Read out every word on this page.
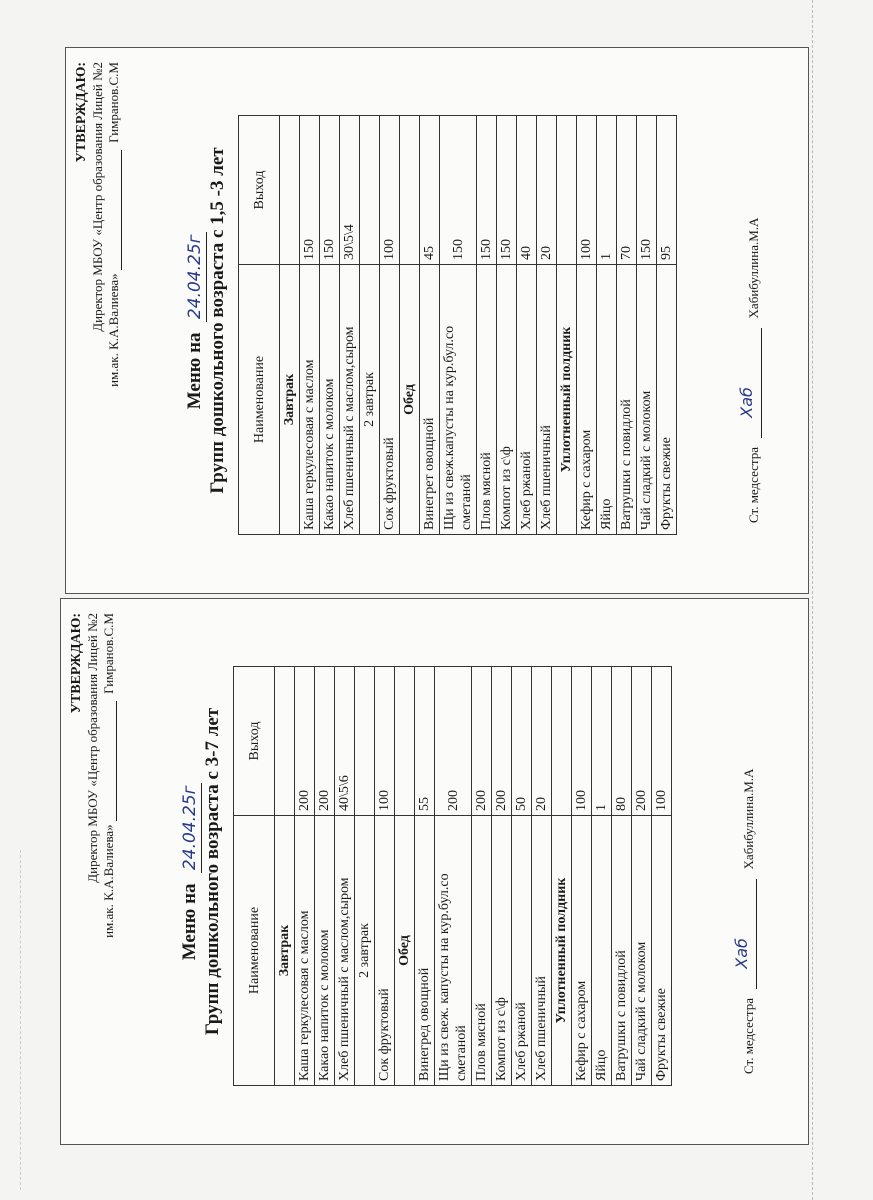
УТВЕРЖДАЮ: Директор МБОУ «Центр образования Лицей №2 им.ак. К.А.Валиева»  Гимранов.С.М
Меню на 24.04.25г Групп дошкольного возраста с 1,5 -3 лет Наименование	Выход
Завтрак	
Каша геркулесовая с маслом	150
Какао напиток с молоком	150
Хлеб пшеничный с маслом,сыром	30\5\4
2 завтрак	
Сок фруктовый	100
Обед	
Винегрет овощной	45
Щи из свеж.капусты на кур.бул.со сметаной	150
Плов мясной	150
Компот из с\ф	150
Хлеб ржаной	40
Хлеб пшеничный	20
Уплотненный полдник	
Кефир с сахаром	100
Яйцо	1
Ватрушки с повидлой	70
Чай сладкий с молоком	150
Фрукты свежие	95
Ст. медсестра
Хаб
Хабибуллина.М.А
УТВЕРЖДАЮ: Директор МБОУ «Центр образования Лицей №2 им.ак. К.А.Валиева»  Гимранов.С.М
Меню на 24.04.25г Групп дошкольного возраста с 3-7 лет Наименование	Выход
Завтрак	
Каша геркулесовая с маслом	200
Какао напиток с молоком	200
Хлеб пшеничный с маслом,сыром	40\5\6
2 завтрак	
Сок фруктовый	100
Обед	
Винегред овощной	55
Щи из свеж. капусты на кур.бул.со сметаной	200
Плов мясной	200
Компот из с\ф	200
Хлеб ржаной	50
Хлеб пшеничный	20
Уплотненный полдник	
Кефир с сахаром	100
Яйцо	1
Ватрушки с повидлой	80
Чай сладкий с молоком	200
Фрукты свежие	100
Ст. медсестра
Хаб
Хабибуллина.М.А
